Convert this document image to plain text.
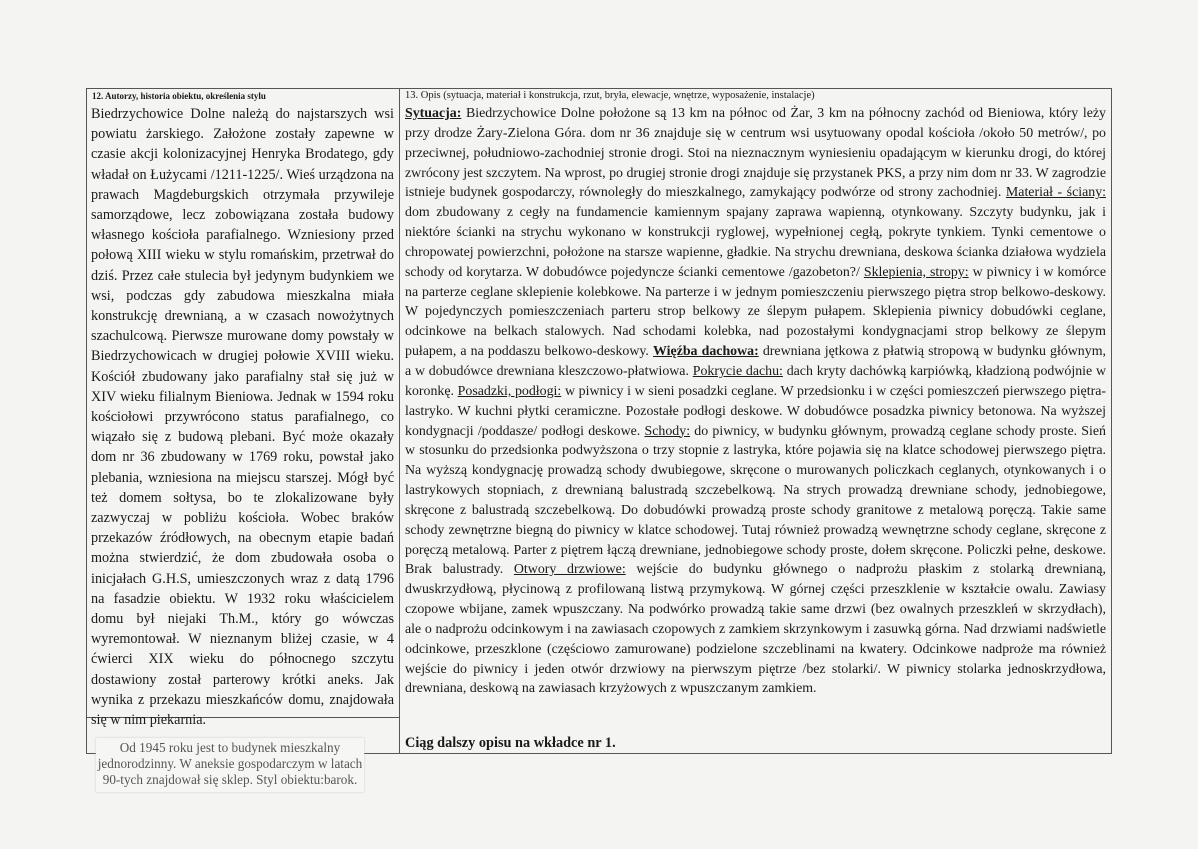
12. Autorzy, historia obiektu, określenia stylu

Biedrzychowice Dolne należą do najstarszych wsi powiatu żarskiego. Założone zostały zapewne w czasie akcji kolonizacyjnej Henryka Brodatego, gdy władał on Łużycami /1211-1225/. Wieś urządzona na prawach Magdeburgskich otrzymała przywileje samorządowe, lecz zobowiązana została budowy własnego kościoła parafialnego. Wzniesiony przed połową XIII wieku w stylu romańskim, przetrwał do dziś. Przez całe stulecia był jedynym budynkiem we wsi, podczas gdy zabudowa mieszkalna miała konstrukcję drewnianą, a w czasach nowożytnych szachulcową. Pierwsze murowane domy powstały w Biedrzychowicach w drugiej połowie XVIII wieku. Kościół zbudowany jako parafialny stał się już w XIV wieku filialnym Bieniowa. Jednak w 1594 roku kościołowi przywrócono status parafialnego, co wiązało się z budową plebani. Być może okazały dom nr 36 zbudowany w 1769 roku, powstał jako plebania, wzniesiona na miejscu starszej. Mógł być też domem sołtysa, bo te zlokalizowane były zazwyczaj w pobliżu kościoła. Wobec braków przekazów źródłowych, na obecnym etapie badań można stwierdzić, że dom zbudowała osoba o inicjałach G.H.S, umieszczonych wraz z datą 1796 na fasadzie obiektu. W 1932 roku właścicielem domu był niejaki Th.M., który go wówczas wyremontował. W nieznanym bliżej czasie, w 4 ćwierci XIX wieku do północnego szczytu dostawiony został parterowy krótki aneks. Jak wynika z przekazu mieszkańców domu, znajdowała się w nim piekarnia.

13. Opis (sytuacja, materiał i konstrukcja, rzut, bryła, elewacje, wnętrze, wyposażenie, instalacje)

Sytuacja: Biedrzychowice Dolne położone są 13 km na północ od Żar, 3 km na północny zachód od Bieniowa, który leży przy drodze Żary-Zielona Góra. dom nr 36 znajduje się w centrum wsi usytuowany opodal kościoła /około 50 metrów/, po przeciwnej, południowo-zachodniej stronie drogi. Stoi na nieznacznym wyniesieniu opadającym w kierunku drogi, do której zwrócony jest szczytem. Na wprost, po drugiej stronie drogi znajduje się przystanek PKS, a przy nim dom nr 33. W zagrodzie istnieje budynek gospodarczy, równoległy do mieszkalnego, zamykający podwórze od strony zachodniej. Materiał - ściany: dom zbudowany z cegły na fundamencie kamiennym spajany zaprawa wapienną, otynkowany. Szczyty budynku, jak i niektóre ścianki na strychu wykonano w konstrukcji ryglowej, wypełnionej cegłą, pokryte tynkiem. Tynki cementowe o chropowatej powierzchni, położone na starsze wapienne, gładkie. Na strychu drewniana, deskowa ścianka działowa wydziela schody od korytarza. W dobudówce pojedyncze ścianki cementowe /gazobeton?/ Sklepienia, stropy: w piwnicy i w komórce na parterze ceglane sklepienie kolebkowe. Na parterze i w jednym pomieszczeniu pierwszego piętra strop belkowo-deskowy. W pojedynczych pomieszczeniach parteru strop belkowy ze ślepym pułapem. Sklepienia piwnicy dobudówki ceglane, odcinkowe na belkach stalowych. Nad schodami kolebka, nad pozostałymi kondygnacjami strop belkowy ze ślepym pułapem, a na poddaszu belkowo-deskowy. Więźba dachowa: drewniana jętkowa z płatwią stropową w budynku głównym, a w dobudówce drewniana kleszczowo-płatwiowa. Pokrycie dachu: dach kryty dachówką karpiówką, kładzioną podwójnie w koronkę. Posadzki, podłogi: w piwnicy i w sieni posadzki ceglane. W przedsionku i w części pomieszczeń pierwszego piętra-lastryko. W kuchni płytki ceramiczne. Pozostałe podłogi deskowe. W dobudówce posadzka piwnicy betonowa. Na wyższej kondygnacji /poddasze/ podłogi deskowe. Schody: do piwnicy, w budynku głównym, prowadzą ceglane schody proste. Sień w stosunku do przedsionka podwyższona o trzy stopnie z lastryka, które pojawia się na klatce schodowej pierwszego piętra. Na wyższą kondygnację prowadzą schody dwubiegowe, skręcone o murowanych policzkach ceglanych, otynkowanych i o lastrykowych stopniach, z drewnianą balustradą szczebelkową. Na strych prowadzą drewniane schody, jednobiegowe, skręcone z balustradą szczebelkową. Do dobudówki prowadzą proste schody granitowe z metalową poręczą. Takie same schody zewnętrzne biegną do piwnicy w klatce schodowej. Tutaj również prowadzą wewnętrzne schody ceglane, skręcone z poręczą metalową. Parter z piętrem łączą drewniane, jednobiegowe schody proste, dołem skręcone. Policzki pełne, deskowe. Brak balustrady. Otwory drzwiowe: wejście do budynku głównego o nadprożu płaskim z stolarką drewnianą, dwuskrzydłową, płycinową z profilowaną listwą przymykową. W górnej części przeszklenie w kształcie owalu. Zawiasy czopowe wbijane, zamek wpuszczany. Na podwórko prowadzą takie same drzwi (bez owalnych przeszkleń w skrzydłach), ale o nadprożu odcinkowym i na zawiasach czopowych z zamkiem skrzynkowym i zasuwką górna. Nad drzwiami nadświetle odcinkowe, przeszklone (częściowo zamurowane) podzielone szczeblinami na kwatery. Odcinkowe nadproże ma również wejście do piwnicy i jeden otwór drzwiowy na pierwszym piętrze /bez stolarki/. W piwnicy stolarka jednoskrzydłowa, drewniana, deskową na zawiasach krzyżowych z wpuszczanym zamkiem.

Ciąg dalszy opisu na wkładce nr 1.

Od 1945 roku jest to budynek mieszkalny jednorodzinny. W aneksie gospodarczym w latach 90-tych znajdował się sklep. Styl obiektu:barok.
